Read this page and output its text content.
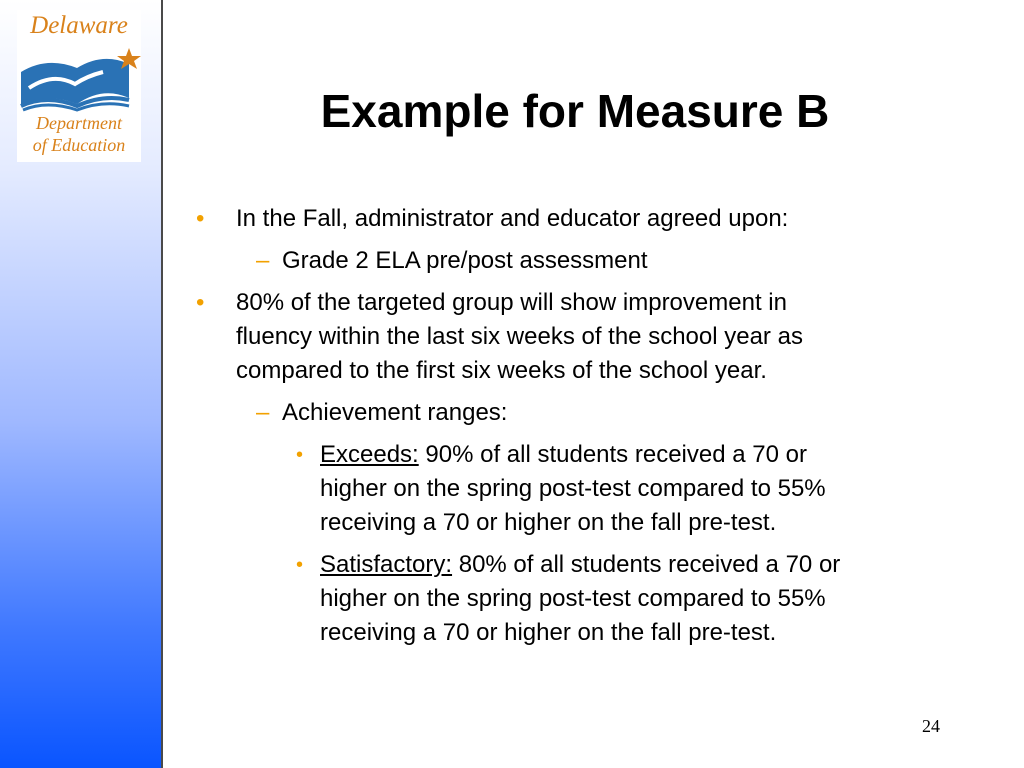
Delaware
Department
of Education
Example for Measure B
• In the Fall, administrator and educator agreed upon:
– Grade 2 ELA pre/post assessment
• 80% of the targeted group will show improvement in
fluency within the last six weeks of the school year as
compared to the first six weeks of the school year.
– Achievement ranges:
• Exceeds: 90% of all students received a 70 or
higher on the spring post-test compared to 55%
receiving a 70 or higher on the fall pre-test.
• Satisfactory: 80% of all students received a 70 or
higher on the spring post-test compared to 55%
receiving a 70 or higher on the fall pre-test.
24
